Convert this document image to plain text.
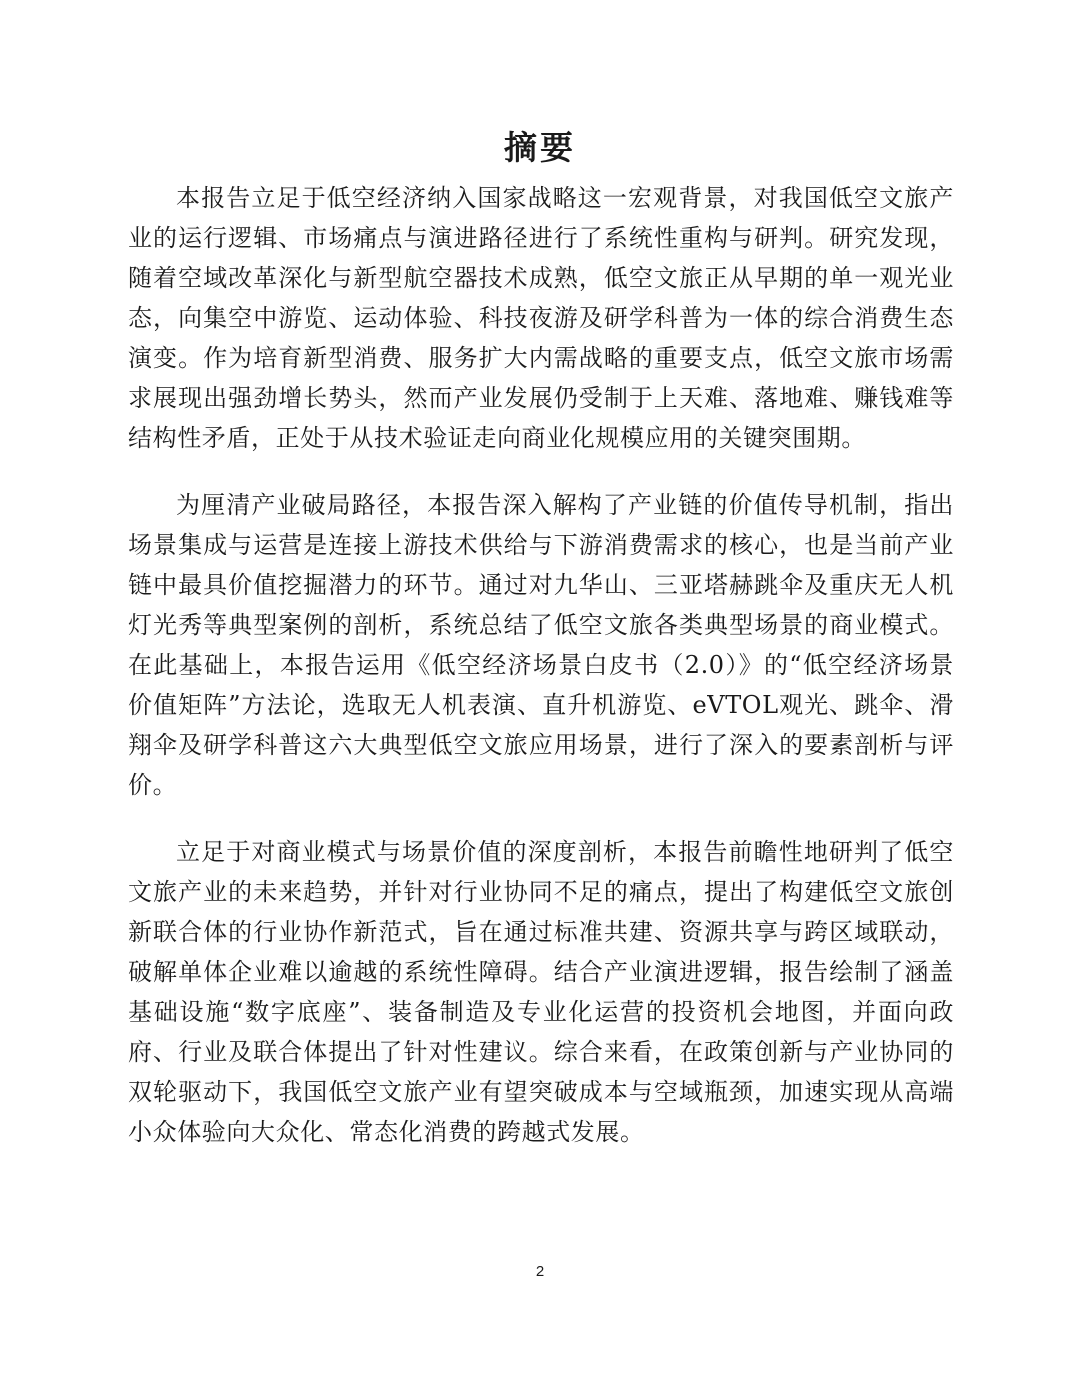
摘要

本报告立足于低空经济纳入国家战略这一宏观背景，对我国低空文旅产业的运行逻辑、市场痛点与演进路径进行了系统性重构与研判。研究发现，随着空域改革深化与新型航空器技术成熟，低空文旅正从早期的单一观光业态，向集空中游览、运动体验、科技夜游及研学科普为一体的综合消费生态演变。作为培育新型消费、服务扩大内需战略的重要支点，低空文旅市场需求展现出强劲增长势头，然而产业发展仍受制于上天难、落地难、赚钱难等结构性矛盾，正处于从技术验证走向商业化规模应用的关键突围期。

为厘清产业破局路径，本报告深入解构了产业链的价值传导机制，指出场景集成与运营是连接上游技术供给与下游消费需求的核心，也是当前产业链中最具价值挖掘潜力的环节。通过对九华山、三亚塔赫跳伞及重庆无人机灯光秀等典型案例的剖析，系统总结了低空文旅各类典型场景的商业模式。在此基础上，本报告运用《低空经济场景白皮书（2.0）》的“低空经济场景价值矩阵”方法论，选取无人机表演、直升机游览、eVTOL观光、跳伞、滑翔伞及研学科普这六大典型低空文旅应用场景，进行了深入的要素剖析与评价。

立足于对商业模式与场景价值的深度剖析，本报告前瞻性地研判了低空文旅产业的未来趋势，并针对行业协同不足的痛点，提出了构建低空文旅创新联合体的行业协作新范式，旨在通过标准共建、资源共享与跨区域联动，破解单体企业难以逾越的系统性障碍。结合产业演进逻辑，报告绘制了涵盖基础设施“数字底座”、装备制造及专业化运营的投资机会地图，并面向政府、行业及联合体提出了针对性建议。综合来看，在政策创新与产业协同的双轮驱动下，我国低空文旅产业有望突破成本与空域瓶颈，加速实现从高端小众体验向大众化、常态化消费的跨越式发展。

2
